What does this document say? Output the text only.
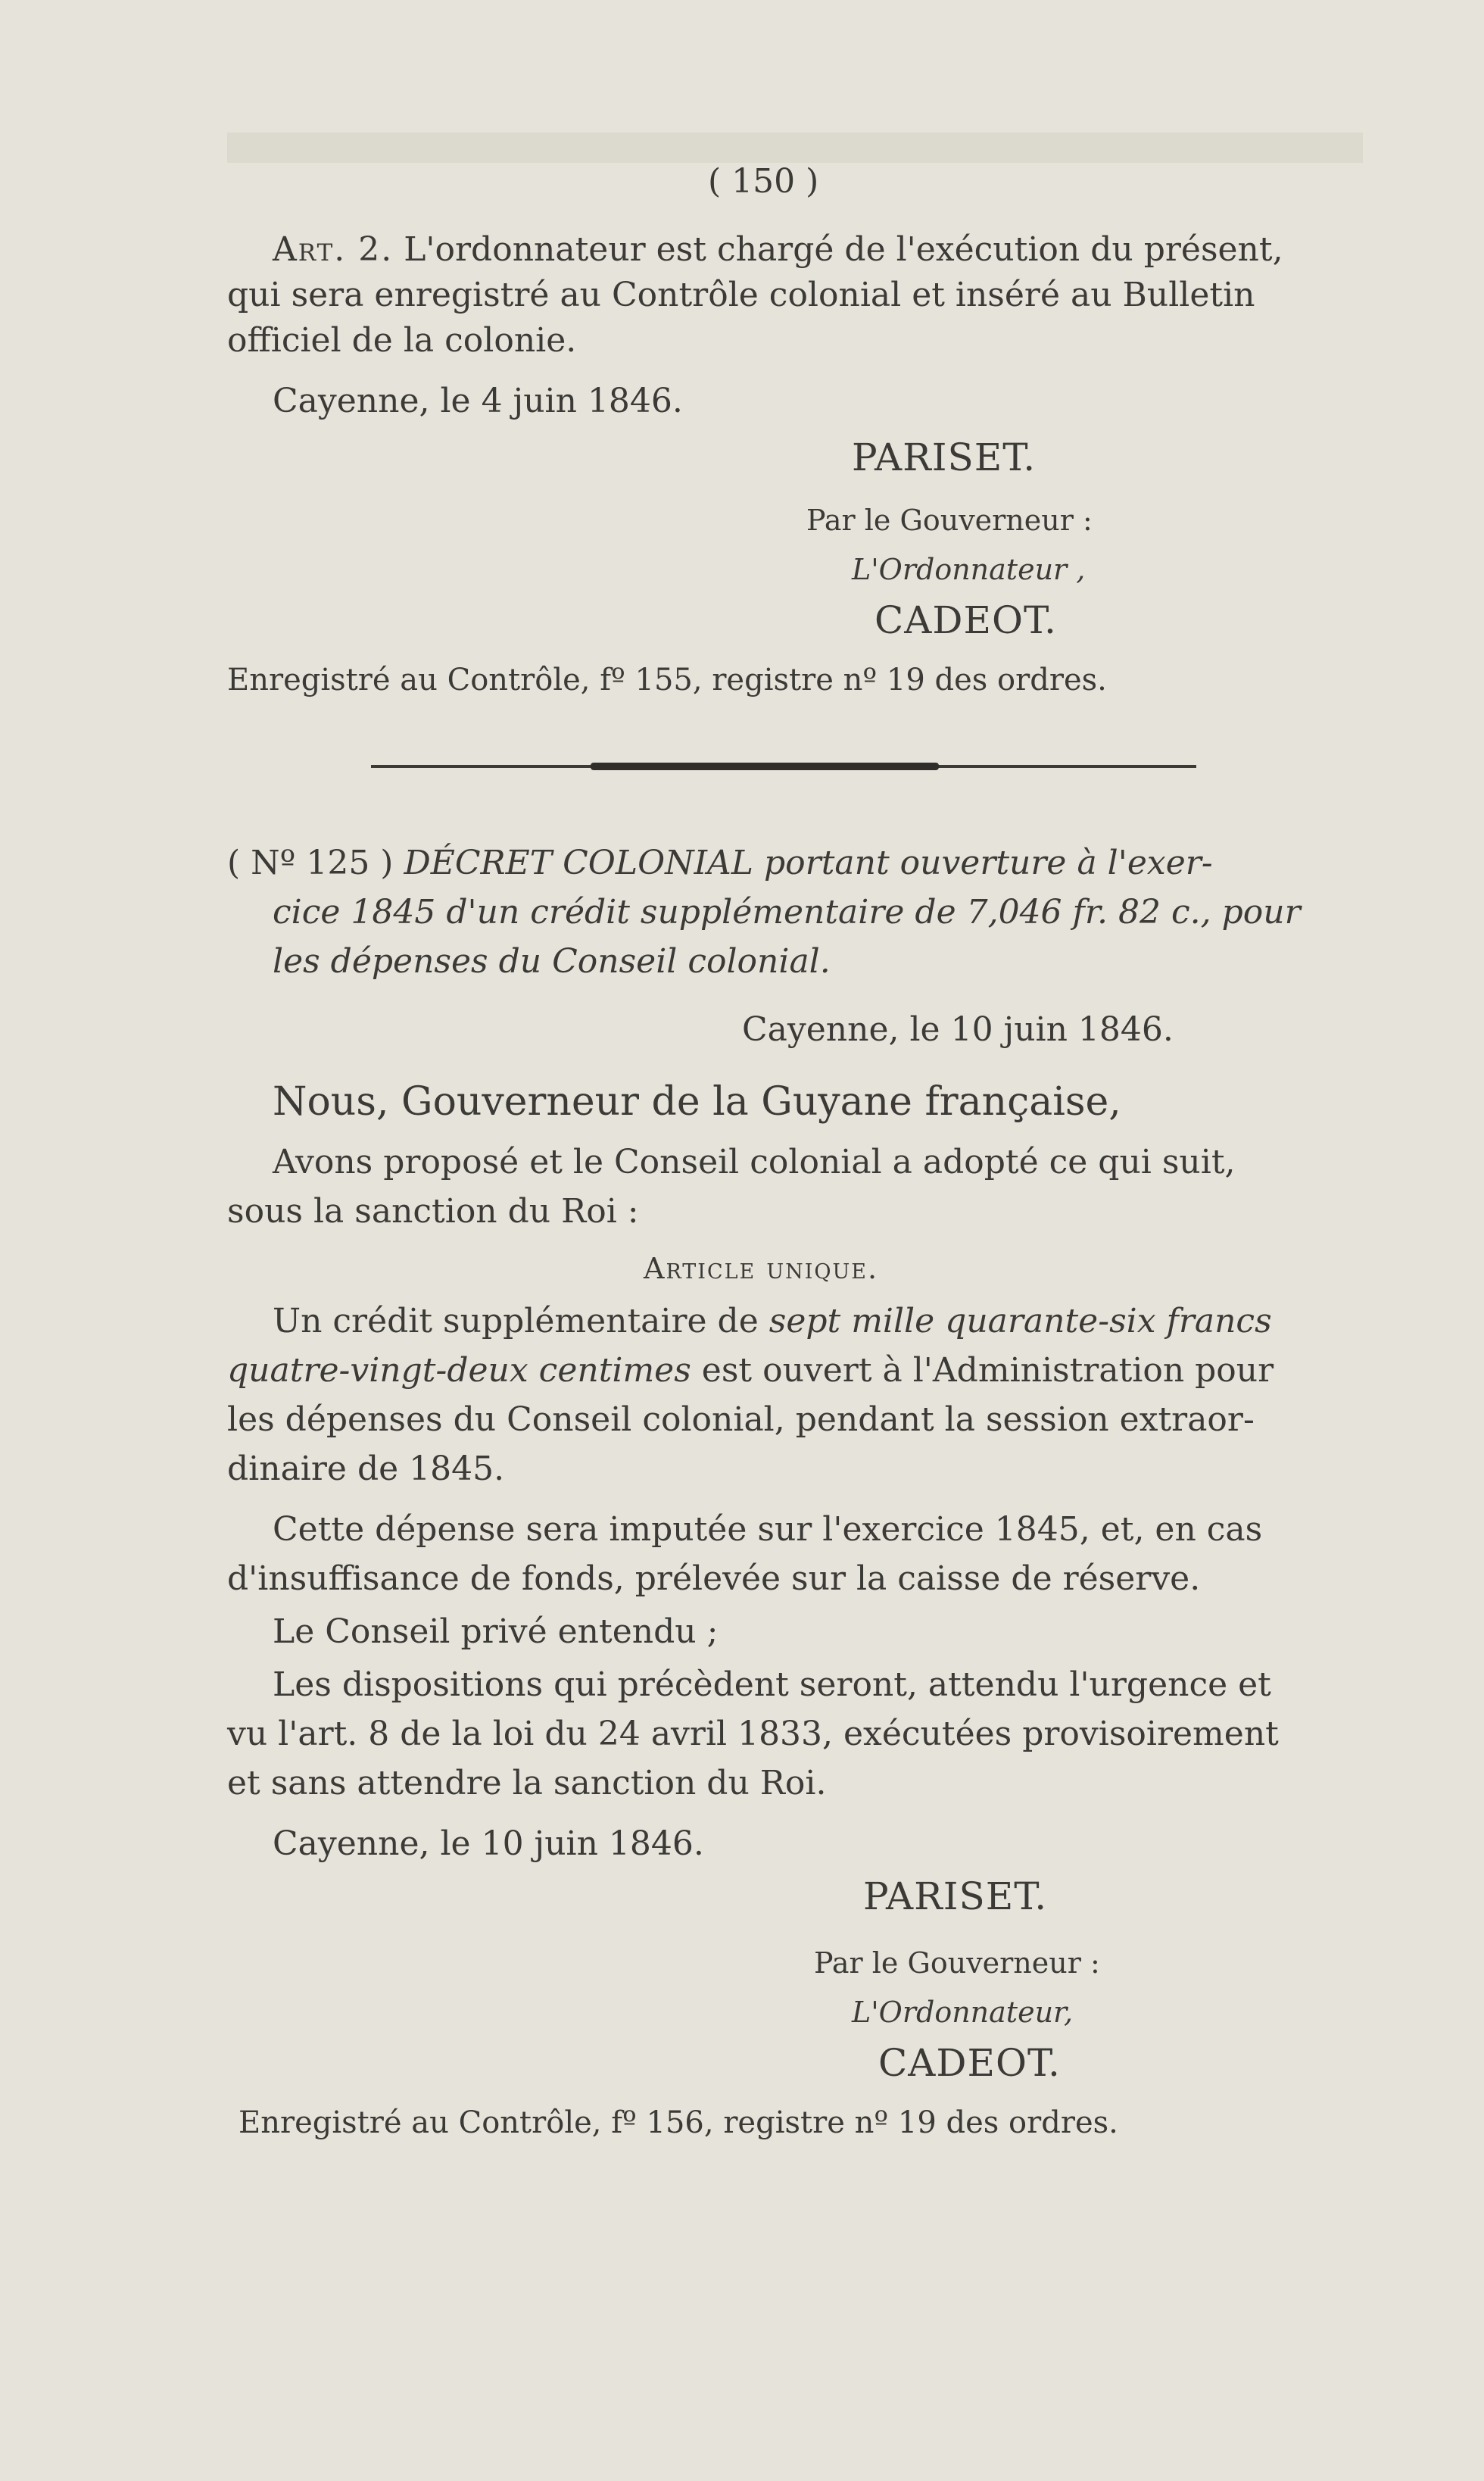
( 150 )
Art. 2. L'ordonnateur est chargé de l'exécution du présent,
qui sera enregistré au Contrôle colonial et inséré au Bulletin
officiel de la colonie.
Cayenne, le 4 juin 1846.
PARISET.
Par le Gouverneur :
L'Ordonnateur ,
CADEOT.
Enregistré au Contrôle, fº 155, registre nº 19 des ordres.
( Nº 125 ) DÉCRET COLONIAL portant ouverture à l'exer-
cice 1845 d'un crédit supplémentaire de 7,046 fr. 82 c., pour
les dépenses du Conseil colonial.
Cayenne, le 10 juin 1846.
Nous, Gouverneur de la Guyane française,
Avons proposé et le Conseil colonial a adopté ce qui suit,
sous la sanction du Roi :
Article unique.
Un crédit supplémentaire de sept mille quarante-six francs
quatre-vingt-deux centimes est ouvert à l'Administration pour
les dépenses du Conseil colonial, pendant la session extraor-
dinaire de 1845.
Cette dépense sera imputée sur l'exercice 1845, et, en cas
d'insuffisance de fonds, prélevée sur la caisse de réserve.
Le Conseil privé entendu ;
Les dispositions qui précèdent seront, attendu l'urgence et
vu l'art. 8 de la loi du 24 avril 1833, exécutées provisoirement
et sans attendre la sanction du Roi.
Cayenne, le 10 juin 1846.
PARISET.
Par le Gouverneur :
L'Ordonnateur,
CADEOT.
Enregistré au Contrôle, fº 156, registre nº 19 des ordres.
